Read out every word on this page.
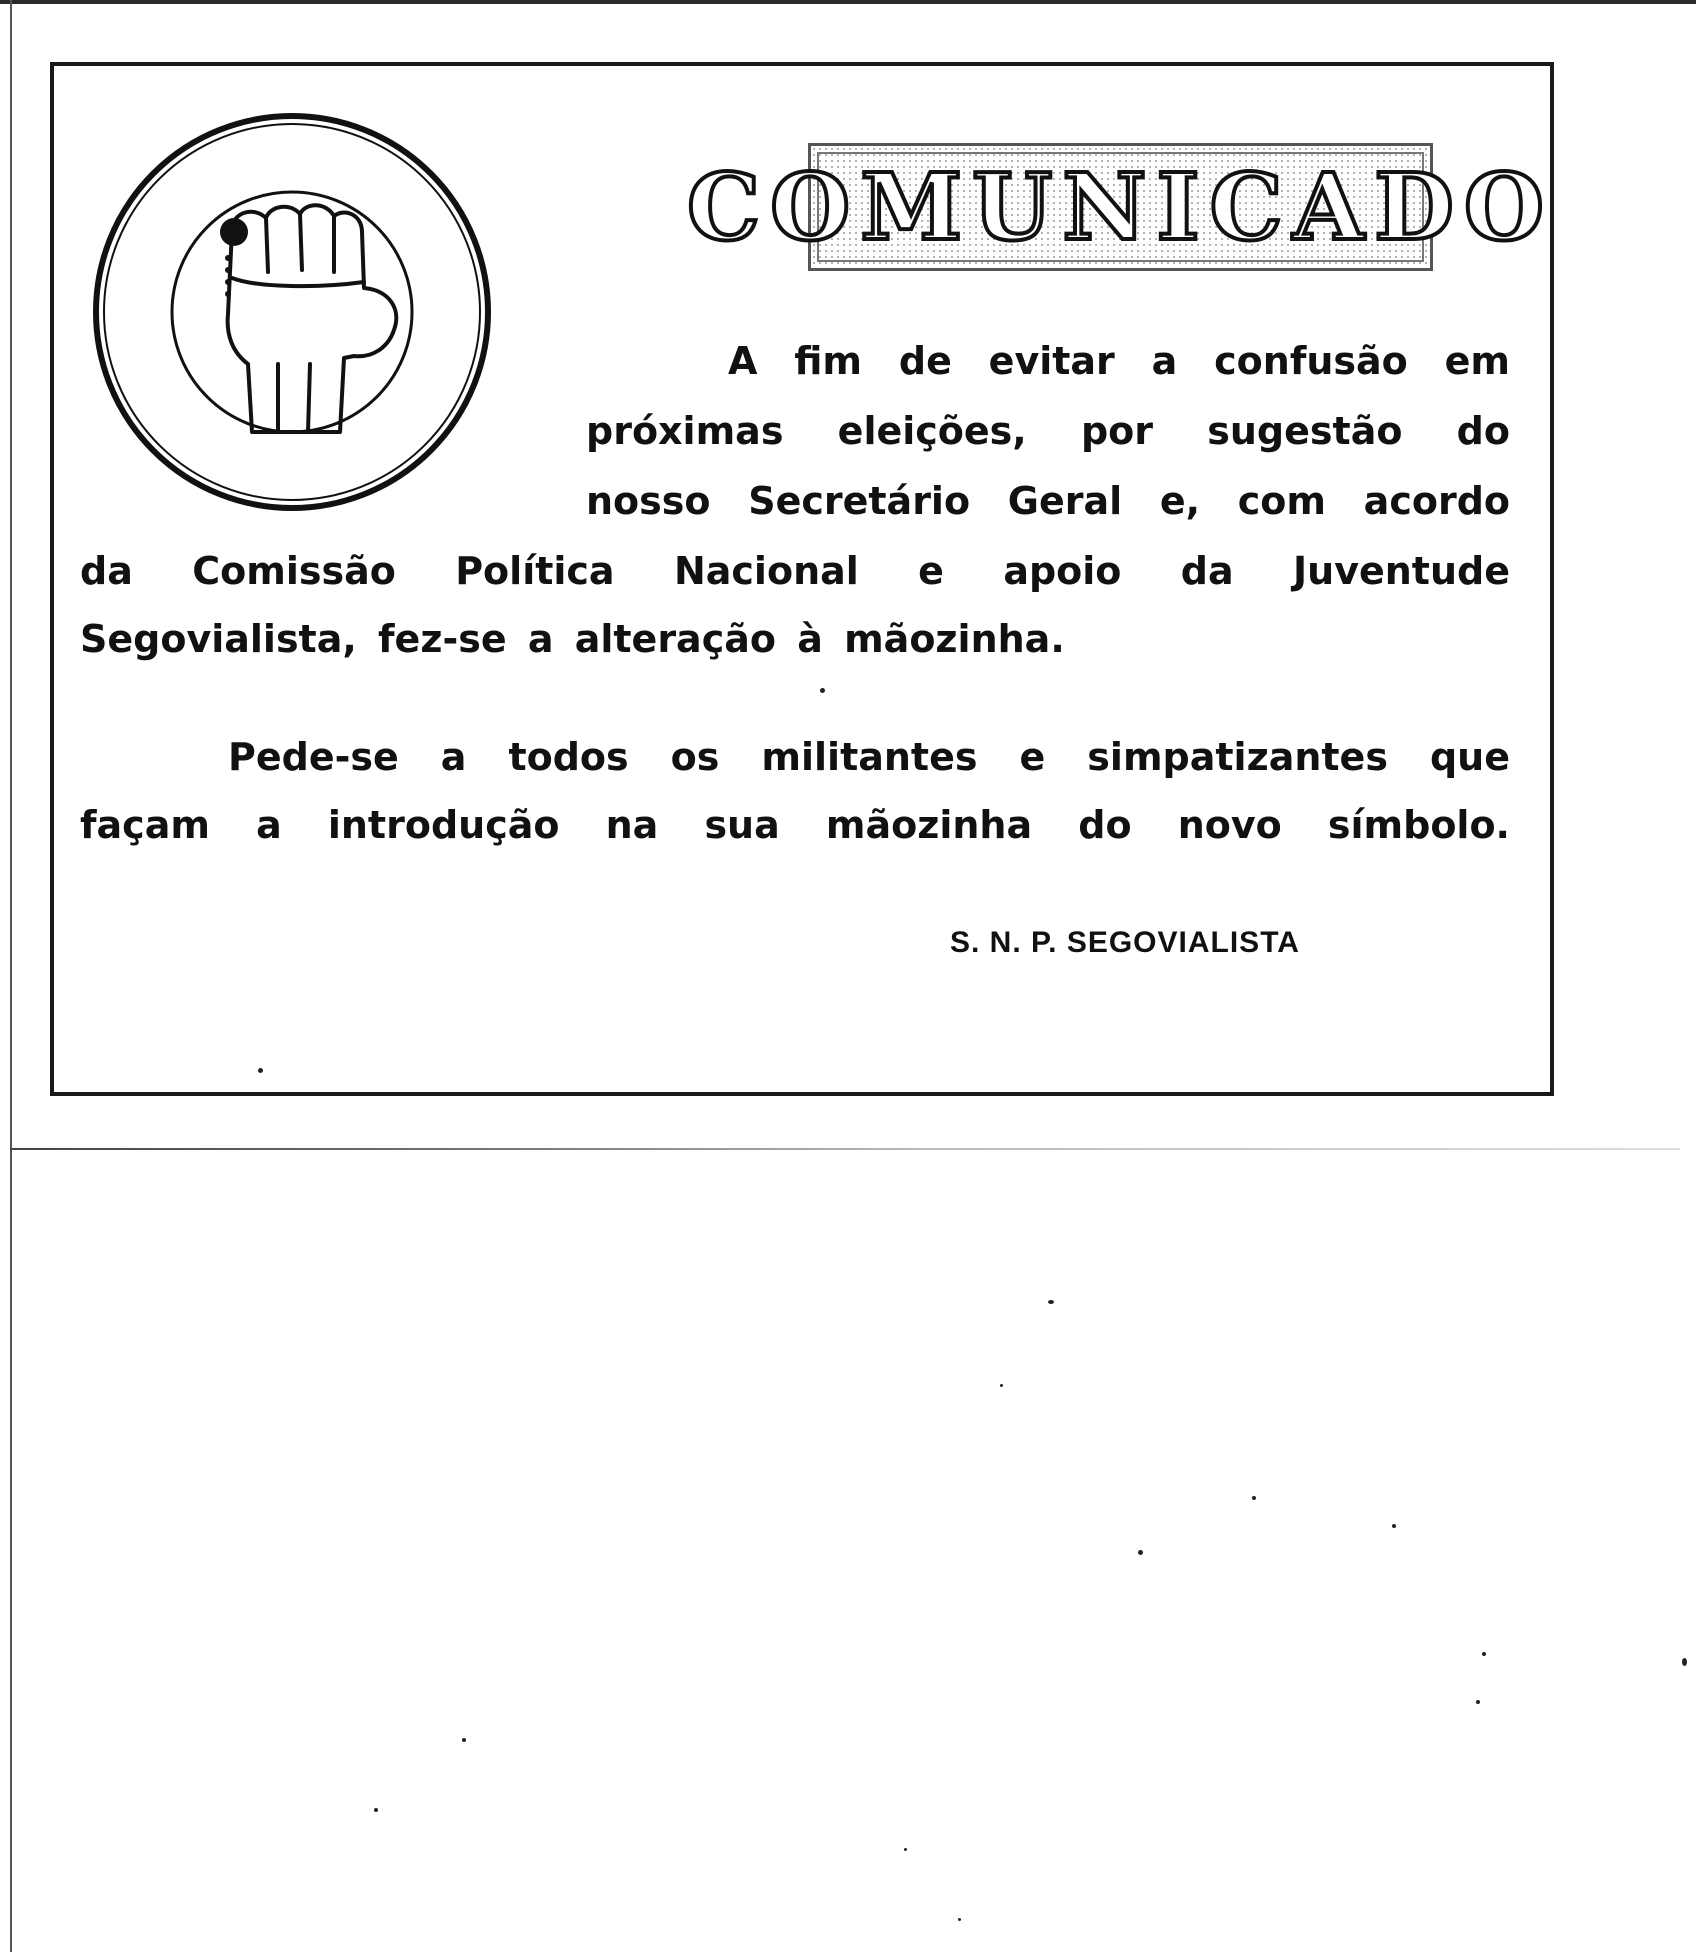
COMUNICADO
A fim de evitar a confusão em
próximas eleições, por sugestão do
nosso Secretário Geral e, com acordo
da Comissão Política Nacional e apoio da Juventude
Segovialista, fez-se a alteração à mãozinha.
Pede-se a todos os militantes e simpatizantes que
façam a introdução na sua mãozinha do novo símbolo.
S. N. P. SEGOVIALISTA
